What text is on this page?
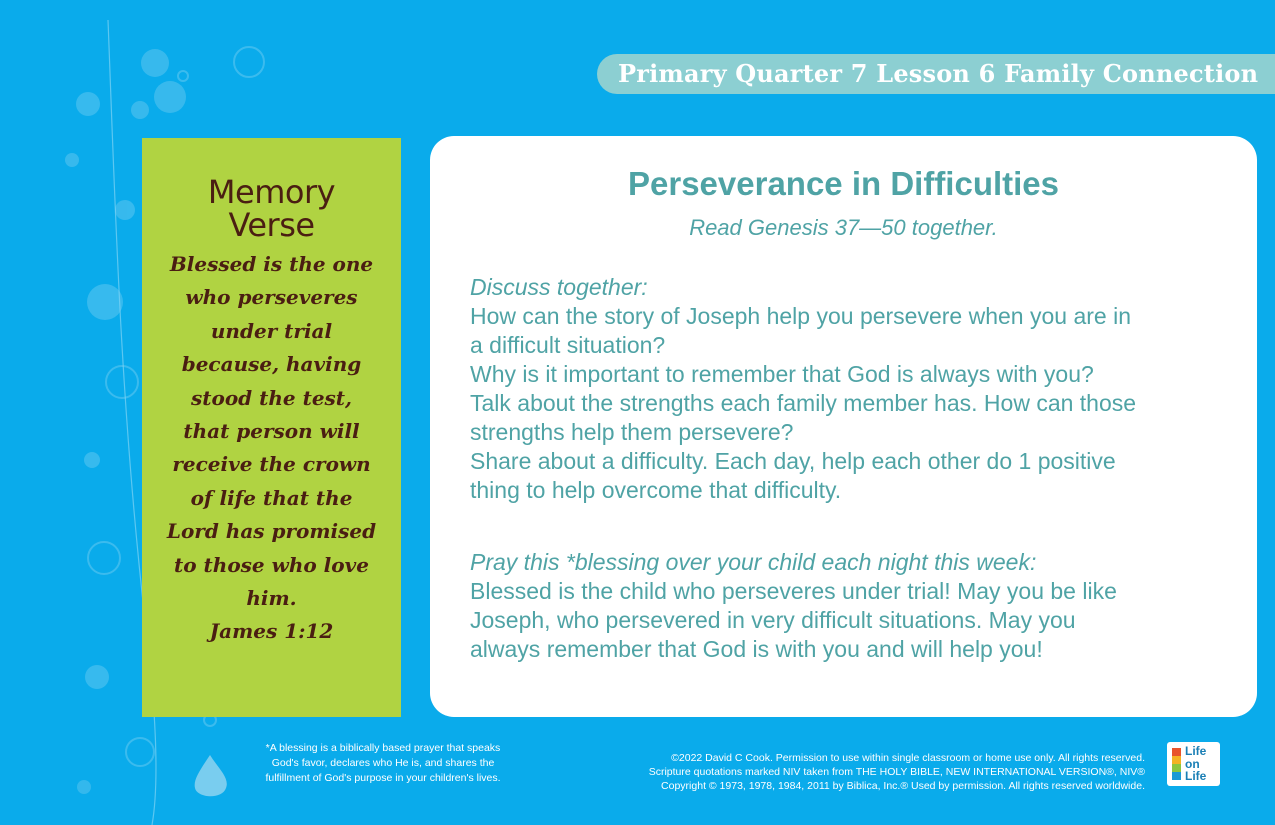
Primary Quarter 7 Lesson 6 Family Connection
Memory
Verse
Blessed is the one
who perseveres
under trial
because, having
stood the test,
that person will
receive the crown
of life that the
Lord has promised
to those who love
him.
James 1:12
Perseverance in Difficulties
Read Genesis 37—50 together.
Discuss together:
How can the story of Joseph help you persevere when you are in
a difficult situation?
Why is it important to remember that God is always with you?
Talk about the strengths each family member has. How can those
strengths help them persevere?
Share about a difficulty. Each day, help each other do 1 positive
thing to help overcome that difficulty.
Pray this *blessing over your child each night this week:
Blessed is the child who perseveres under trial! May you be like
Joseph, who persevered in very difficult situations. May you
always remember that God is with you and will help you!
*A blessing is a biblically based prayer that speaks
God's favor, declares who He is, and shares the
fulfillment of God's purpose in your children's lives.
©2022 David C Cook. Permission to use within single classroom or home use only. All rights reserved.
Scripture quotations marked NIV taken from THE HOLY BIBLE, NEW INTERNATIONAL VERSION®, NIV®
Copyright © 1973, 1978, 1984, 2011 by Biblica, Inc.® Used by permission. All rights reserved worldwide.
Life
on
Life
